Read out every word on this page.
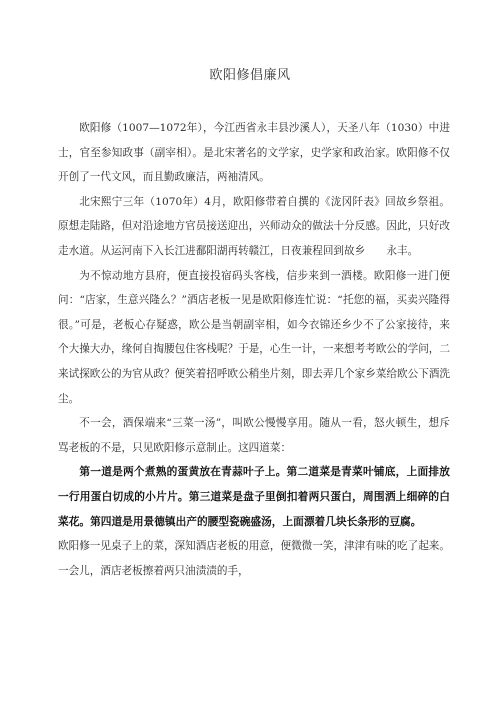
欧阳修倡廉风

欧阳修（1007—1072年），今江西省永丰县沙溪人），天圣八年（1030）中进士，官至参知政事（副宰相）。是北宋著名的文学家，史学家和政治家。欧阳修不仅开创了一代文风，而且勤政廉洁，两袖清风。

北宋熙宁三年（1070年）4月，欧阳修带着自撰的《泷冈阡表》回故乡祭祖。原想走陆路，但对沿途地方官员接送迎出，兴师动众的做法十分反感。因此，只好改走水道。从运河南下入长江进鄱阳湖再转赣江，日夜兼程回到故乡　　永丰。

为不惊动地方县府，便直接投宿码头客栈，信步来到一酒楼。欧阳修一进门便问：“店家，生意兴隆么？”酒店老板一见是欧阳修连忙说：“托您的福，买卖兴隆得很。”可是，老板心存疑惑，欧公是当朝副宰相，如今衣锦还乡少不了公家接待，来个大操大办，缘何自掏腰包住客栈呢？于是，心生一计，一来想考考欧公的学问，二来试探欧公的为官从政？便笑着招呼欧公稍坐片刻，即去弄几个家乡菜给欧公下酒洗尘。

不一会，酒保端来“三菜一汤”，叫欧公慢慢享用。随从一看，怒火顿生，想斥骂老板的不是，只见欧阳修示意制止。这四道菜：

第一道是两个煮熟的蛋黄放在青蒜叶子上。第二道菜是青菜叶铺底，上面排放一行用蛋白切成的小片片。第三道菜是盘子里倒扣着两只蛋白，周围洒上细碎的白菜花。第四道是用景德镇出产的腰型瓷碗盛汤，上面漂着几块长条形的豆腐。

欧阳修一见桌子上的菜，深知酒店老板的用意，便微微一笑，津津有味的吃了起来。一会儿，酒店老板擦着两只油渍渍的手，
